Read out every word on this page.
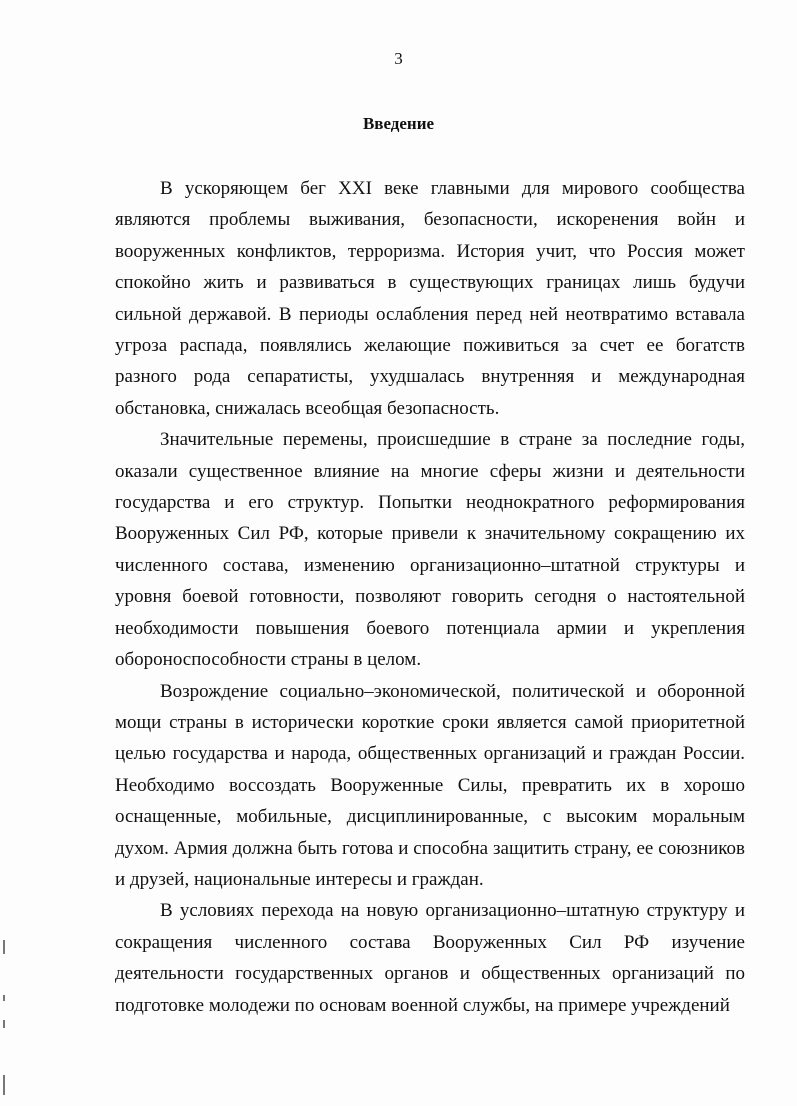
3
Введение

В ускоряющем бег XXI веке главными для мирового сообщества являются проблемы выживания, безопасности, искоренения войн и вооруженных конфликтов, терроризма. История учит, что Россия может спокойно жить и развиваться в существующих границах лишь будучи сильной державой. В периоды ослабления перед ней неотвратимо вставала угроза распада, появлялись желающие поживиться за счет ее богатств разного рода сепаратисты, ухудшалась внутренняя и международная обстановка, снижалась всеобщая безопасность.

Значительные перемены, происшедшие в стране за последние годы, оказали существенное влияние на многие сферы жизни и деятельности государства и его структур. Попытки неоднократного реформирования Вооруженных Сил РФ, которые привели к значительному сокращению их численного состава, изменению организационно–штатной структуры и уровня боевой готовности, позволяют говорить сегодня о настоятельной необходимости повышения боевого потенциала армии и укрепления обороноспособности страны в целом.

Возрождение социально–экономической, политической и оборонной мощи страны в исторически короткие сроки является самой приоритетной целью государства и народа, общественных организаций и граждан России. Необходимо воссоздать Вооруженные Силы, превратить их в хорошо оснащенные, мобильные, дисциплинированные, с высоким моральным духом. Армия должна быть готова и способна защитить страну, ее союзников и друзей, национальные интересы и граждан.

В условиях перехода на новую организационно–штатную структуру и сокращения численного состава Вооруженных Сил РФ изучение деятельности государственных органов и общественных организаций по подготовке молодежи по основам военной службы, на примере учреждений
